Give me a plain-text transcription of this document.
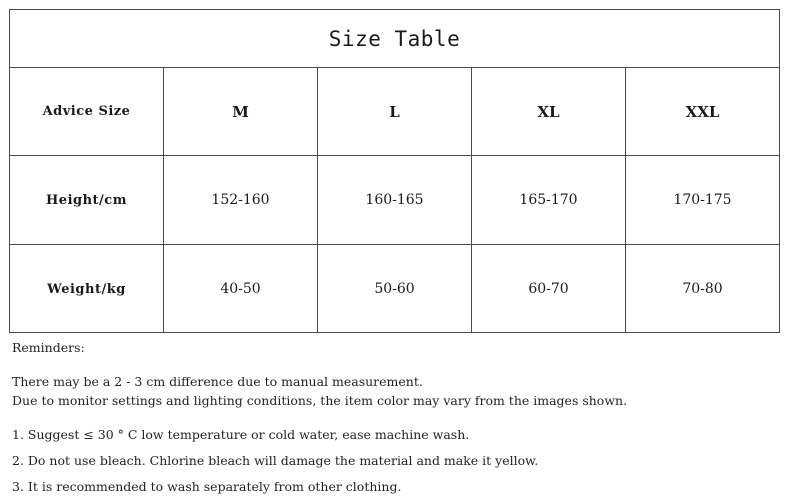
Size Table
Advice Size	M	L	XL	XXL
Height/cm	152-160	160-165	165-170	170-175
Weight/kg	40-50	50-60	60-70	70-80
Reminders:
There may be a 2 - 3 cm difference due to manual measurement.
Due to monitor settings and lighting conditions, the item color may vary from the images shown.
1. Suggest ≤ 30 ° C low temperature or cold water, ease machine wash.
2. Do not use bleach. Chlorine bleach will damage the material and make it yellow.
3. It is recommended to wash separately from other clothing.
